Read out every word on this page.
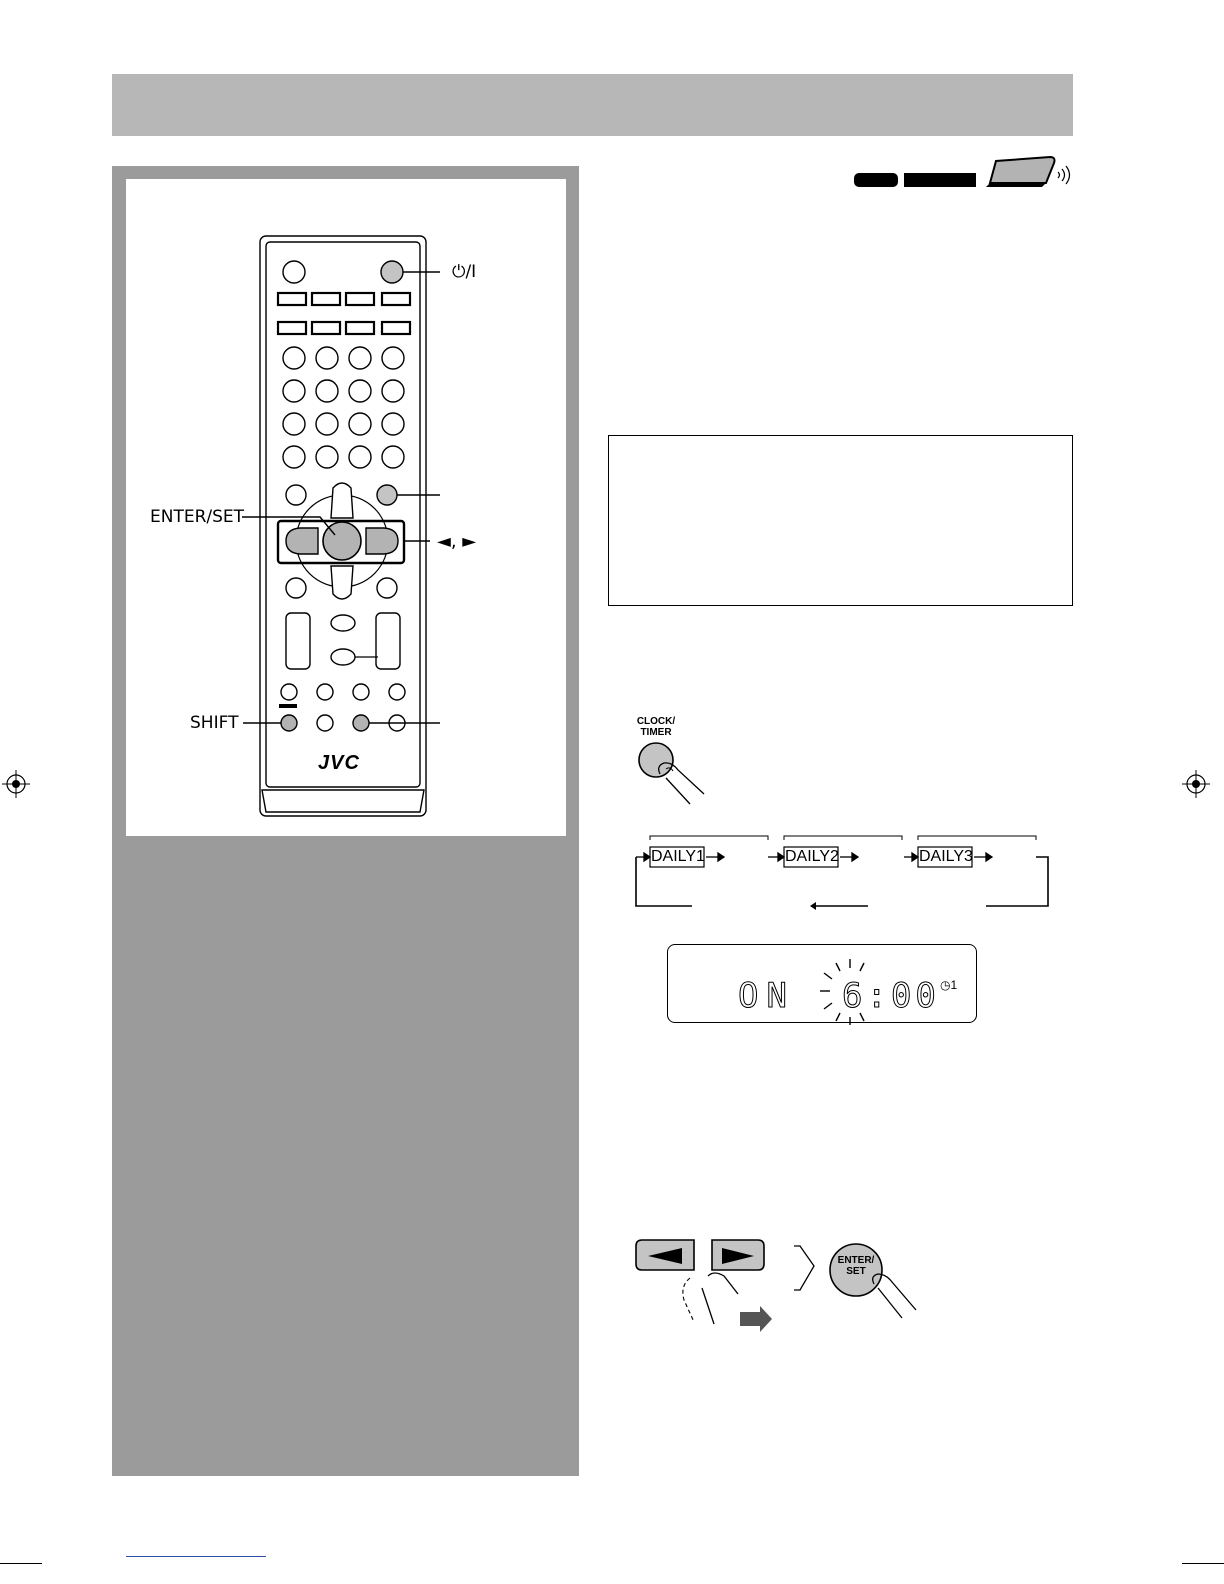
⏻/I
ENTER/SET
◄, ►
SHIFT
JVC
CLOCK/
TIMER
DAILY1	DAILY2	DAILY3
ON 6:00 ◷1
ENTER/
SET
